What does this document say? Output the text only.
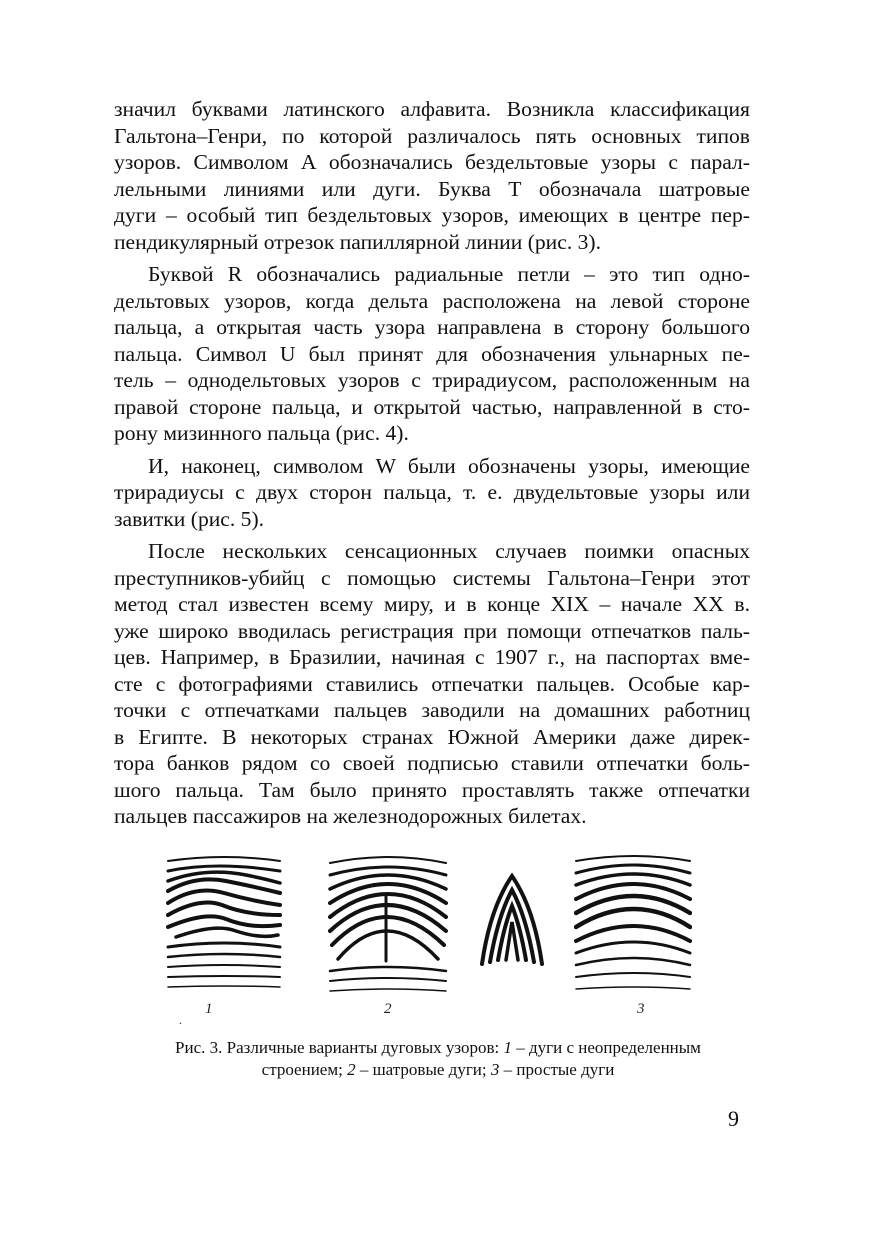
значил буквами латинского алфавита. Возникла классификация
Гальтона–Генри, по которой различалось пять основных типов
узоров. Символом А обозначались бездельтовые узоры с парал-
лельными линиями или дуги. Буква Т обозначала шатровые
дуги – особый тип бездельтовых узоров, имеющих в центре пер-
пендикулярный отрезок папиллярной линии (рис. 3).
Буквой R обозначались радиальные петли – это тип одно-
дельтовых узоров, когда дельта расположена на левой стороне
пальца, а открытая часть узора направлена в сторону большого
пальца. Символ U был принят для обозначения ульнарных пе-
тель – однодельтовых узоров с трирадиусом, расположенным на
правой стороне пальца, и открытой частью, направленной в сто-
рону мизинного пальца (рис. 4).
И, наконец, символом W были обозначены узоры, имеющие
трирадиусы с двух сторон пальца, т. е. двудельтовые узоры или
завитки (рис. 5).
После нескольких сенсационных случаев поимки опасных
преступников-убийц с помощью системы Гальтона–Генри этот
метод стал известен всему миру, и в конце XIX – начале XX в.
уже широко вводилась регистрация при помощи отпечатков паль-
цев. Например, в Бразилии, начиная с 1907 г., на паспортах вме-
сте с фотографиями ставились отпечатки пальцев. Особые кар-
точки с отпечатками пальцев заводили на домашних работниц
в Египте. В некоторых странах Южной Америки даже дирек-
тора банков рядом со своей подписью ставили отпечатки боль-
шого пальца. Там было принято проставлять также отпечатки
пальцев пассажиров на железнодорожных билетах.
1	2	3
.
Рис. 3. Различные варианты дуговых узоров: 1 – дуги с неопределенным
строением; 2 – шатровые дуги; 3 – простые дуги
9
